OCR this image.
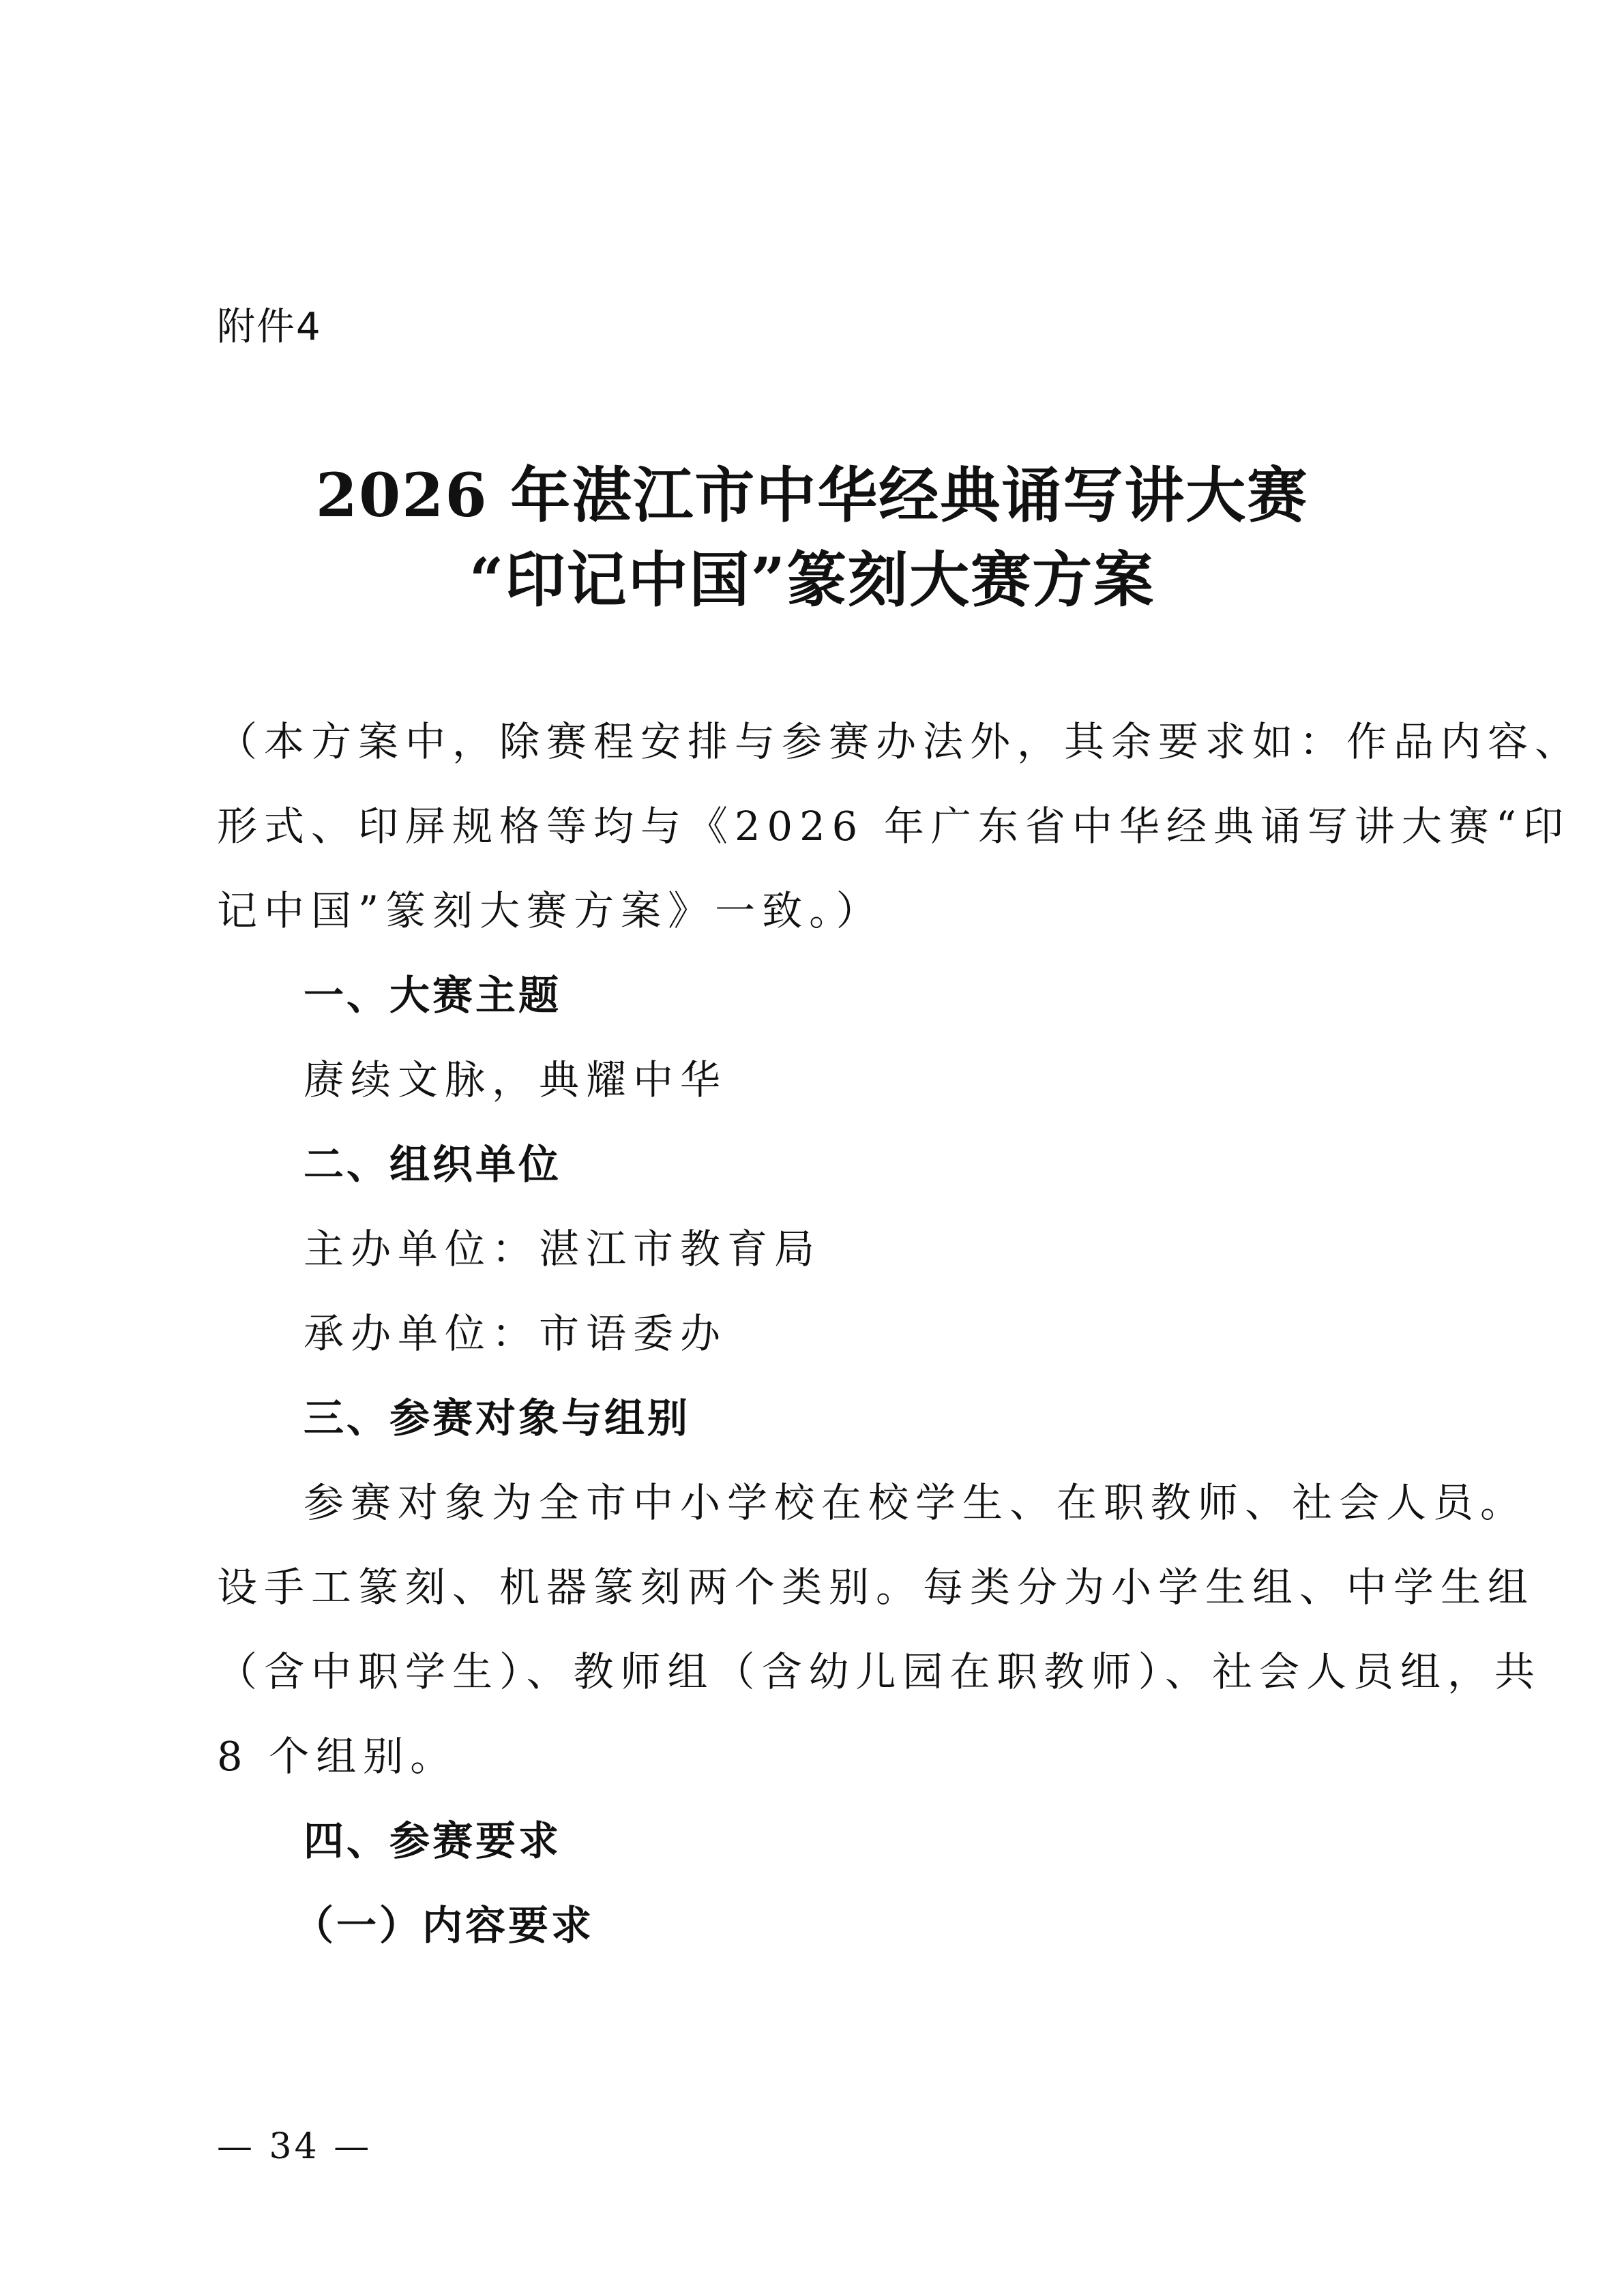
附件4
2026 年湛江市中华经典诵写讲大赛
“印记中国”篆刻大赛方案
（本方案中，除赛程安排与参赛办法外，其余要求如：作品内容、
形式、印屏规格等均与《2026 年广东省中华经典诵写讲大赛“印
记中国”篆刻大赛方案》一致。）
一、大赛主题
赓续文脉，典耀中华
二、组织单位
主办单位：湛江市教育局
承办单位：市语委办
三、参赛对象与组别
参赛对象为全市中小学校在校学生、在职教师、社会人员。
设手工篆刻、机器篆刻两个类别。每类分为小学生组、中学生组
（含中职学生）、教师组（含幼儿园在职教师）、社会人员组，共
8 个组别。
四、参赛要求
（一）内容要求
— 34 —
